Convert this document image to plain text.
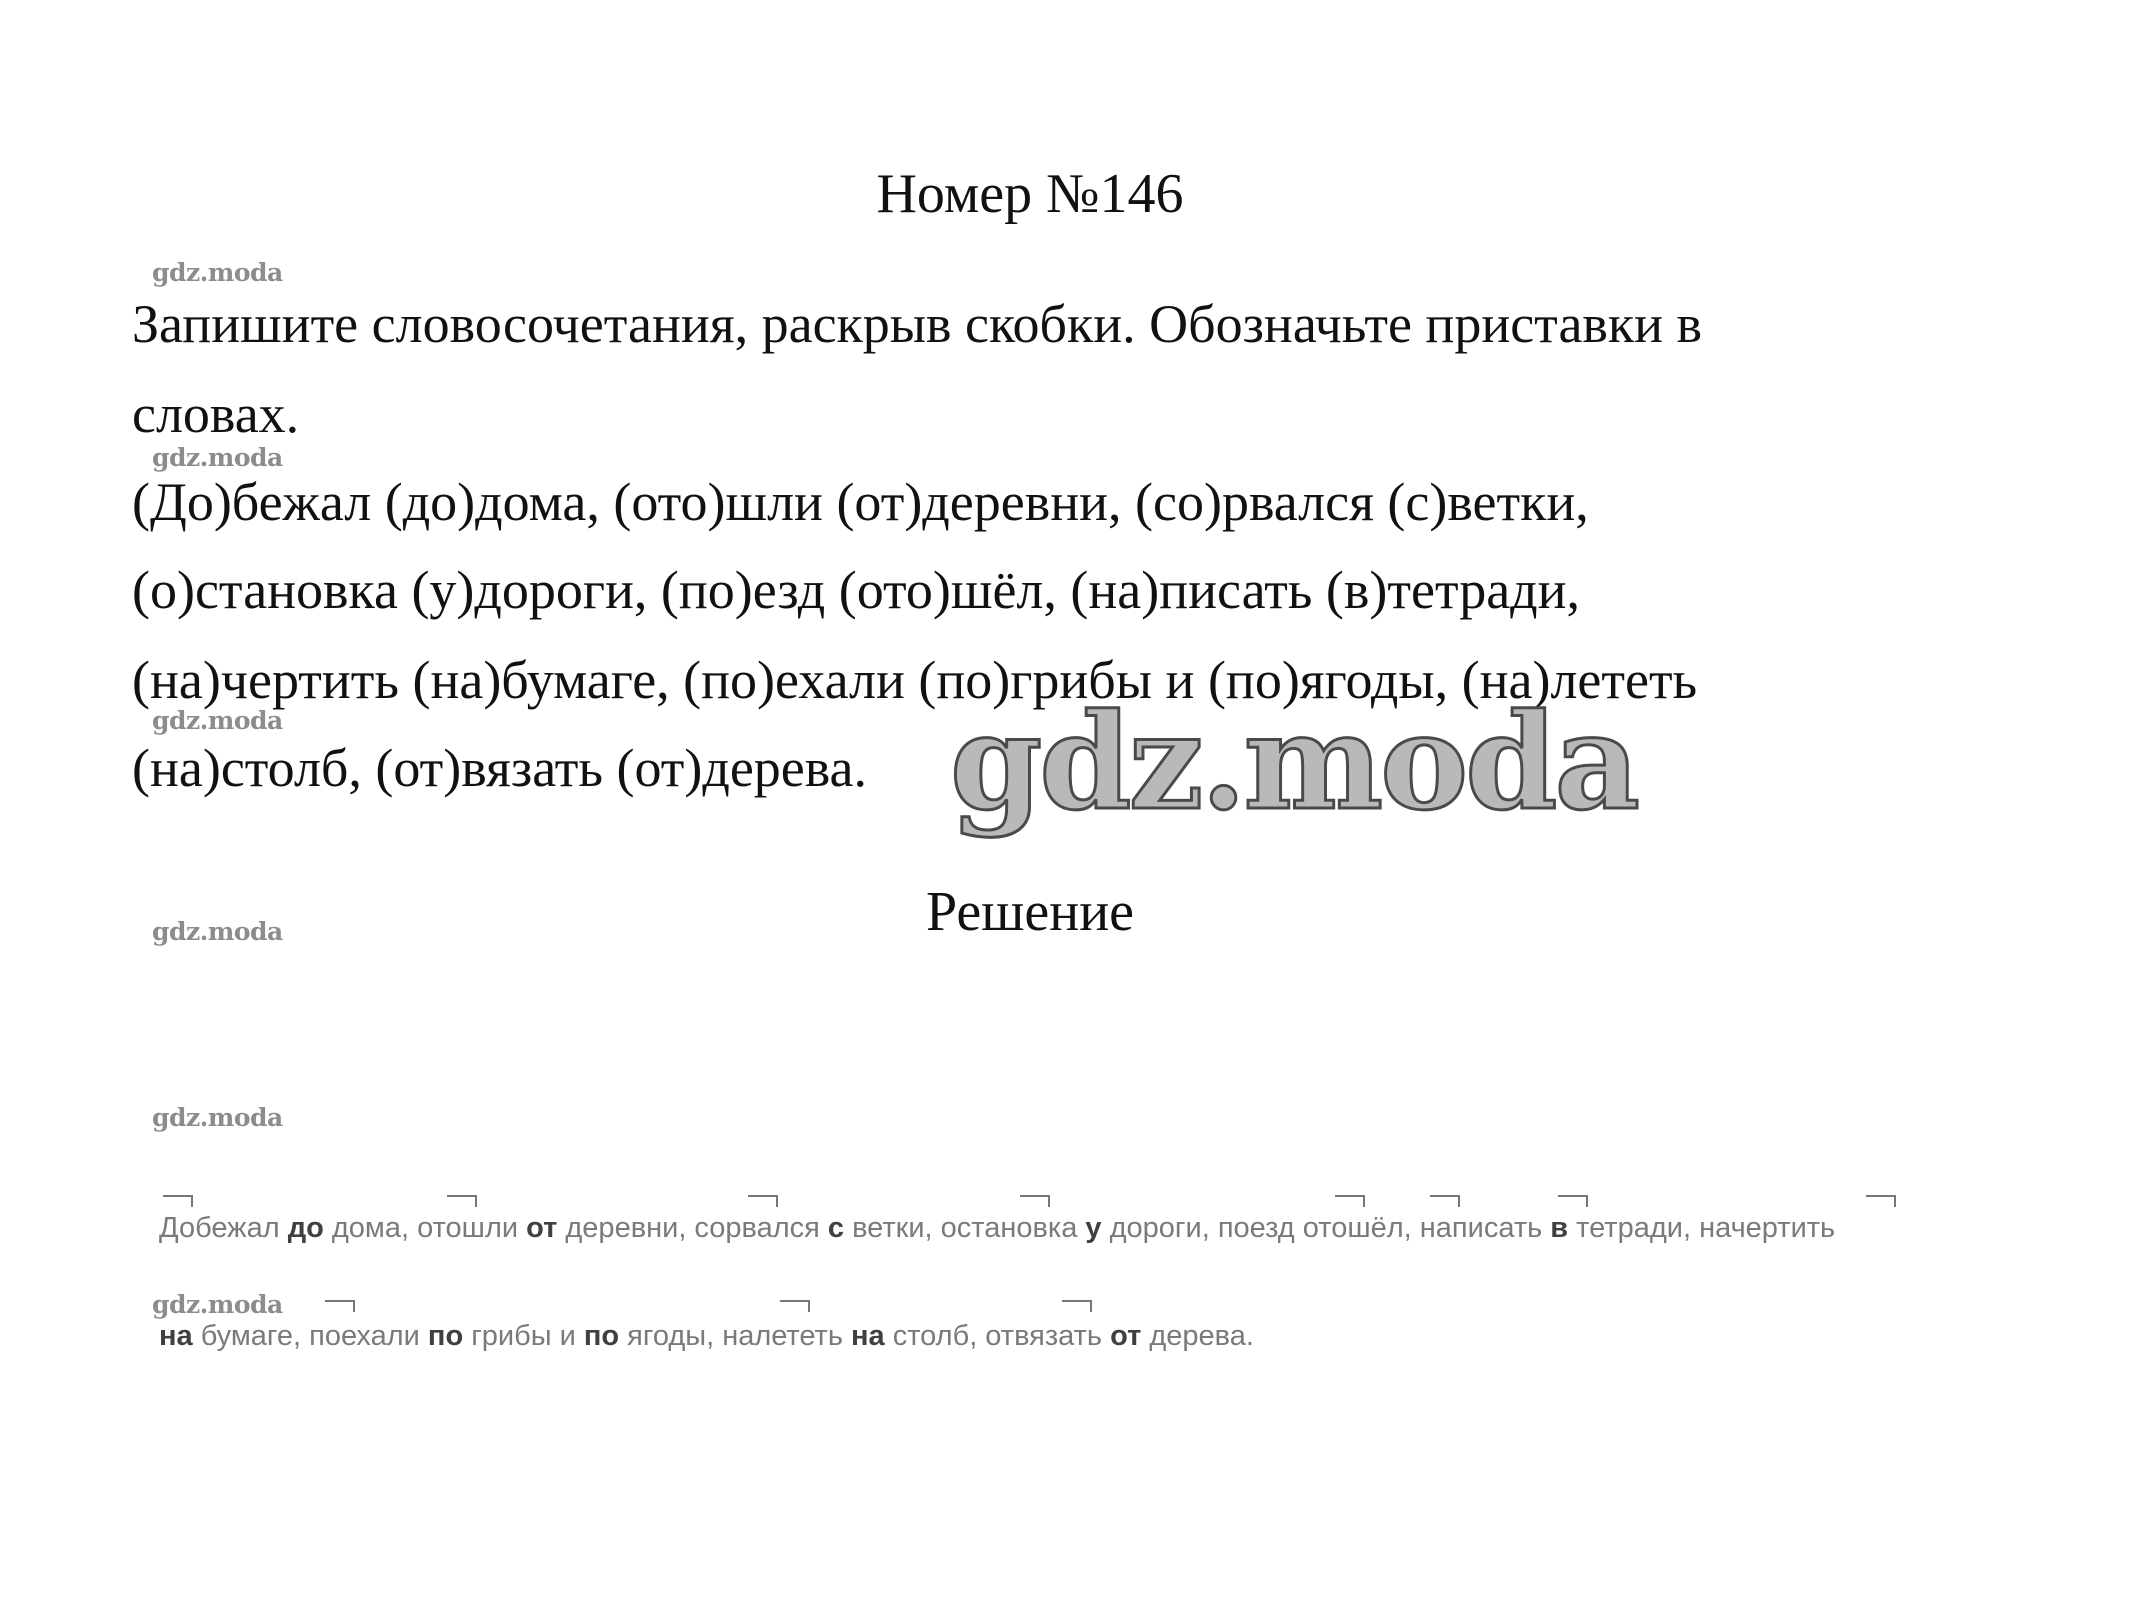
Номер №146
gdz.moda
gdz.moda
gdz.moda
gdz.moda
gdz.moda
gdz.moda
Запишите словосочетания, раскрыв скобки. Обозначьте приставки в
словах.
(До)бежал (до)дома, (ото)шли (от)деревни, (со)рвался (с)ветки,
(о)становка (у)дороги, (по)езд (ото)шёл, (на)писать (в)тетради,
(на)чертить (на)бумаге, (по)ехали (по)грибы и (по)ягоды, (на)лететь
(на)столб, (от)вязать (от)дерева. gdz.moda
Решение
Добежал до дома, отошли от деревни, сорвался с ветки, остановка у дороги, поезд отошёл, написать в тетради, начертить
на бумаге, поехали по грибы и по ягоды, налететь на столб, отвязать от дерева.
